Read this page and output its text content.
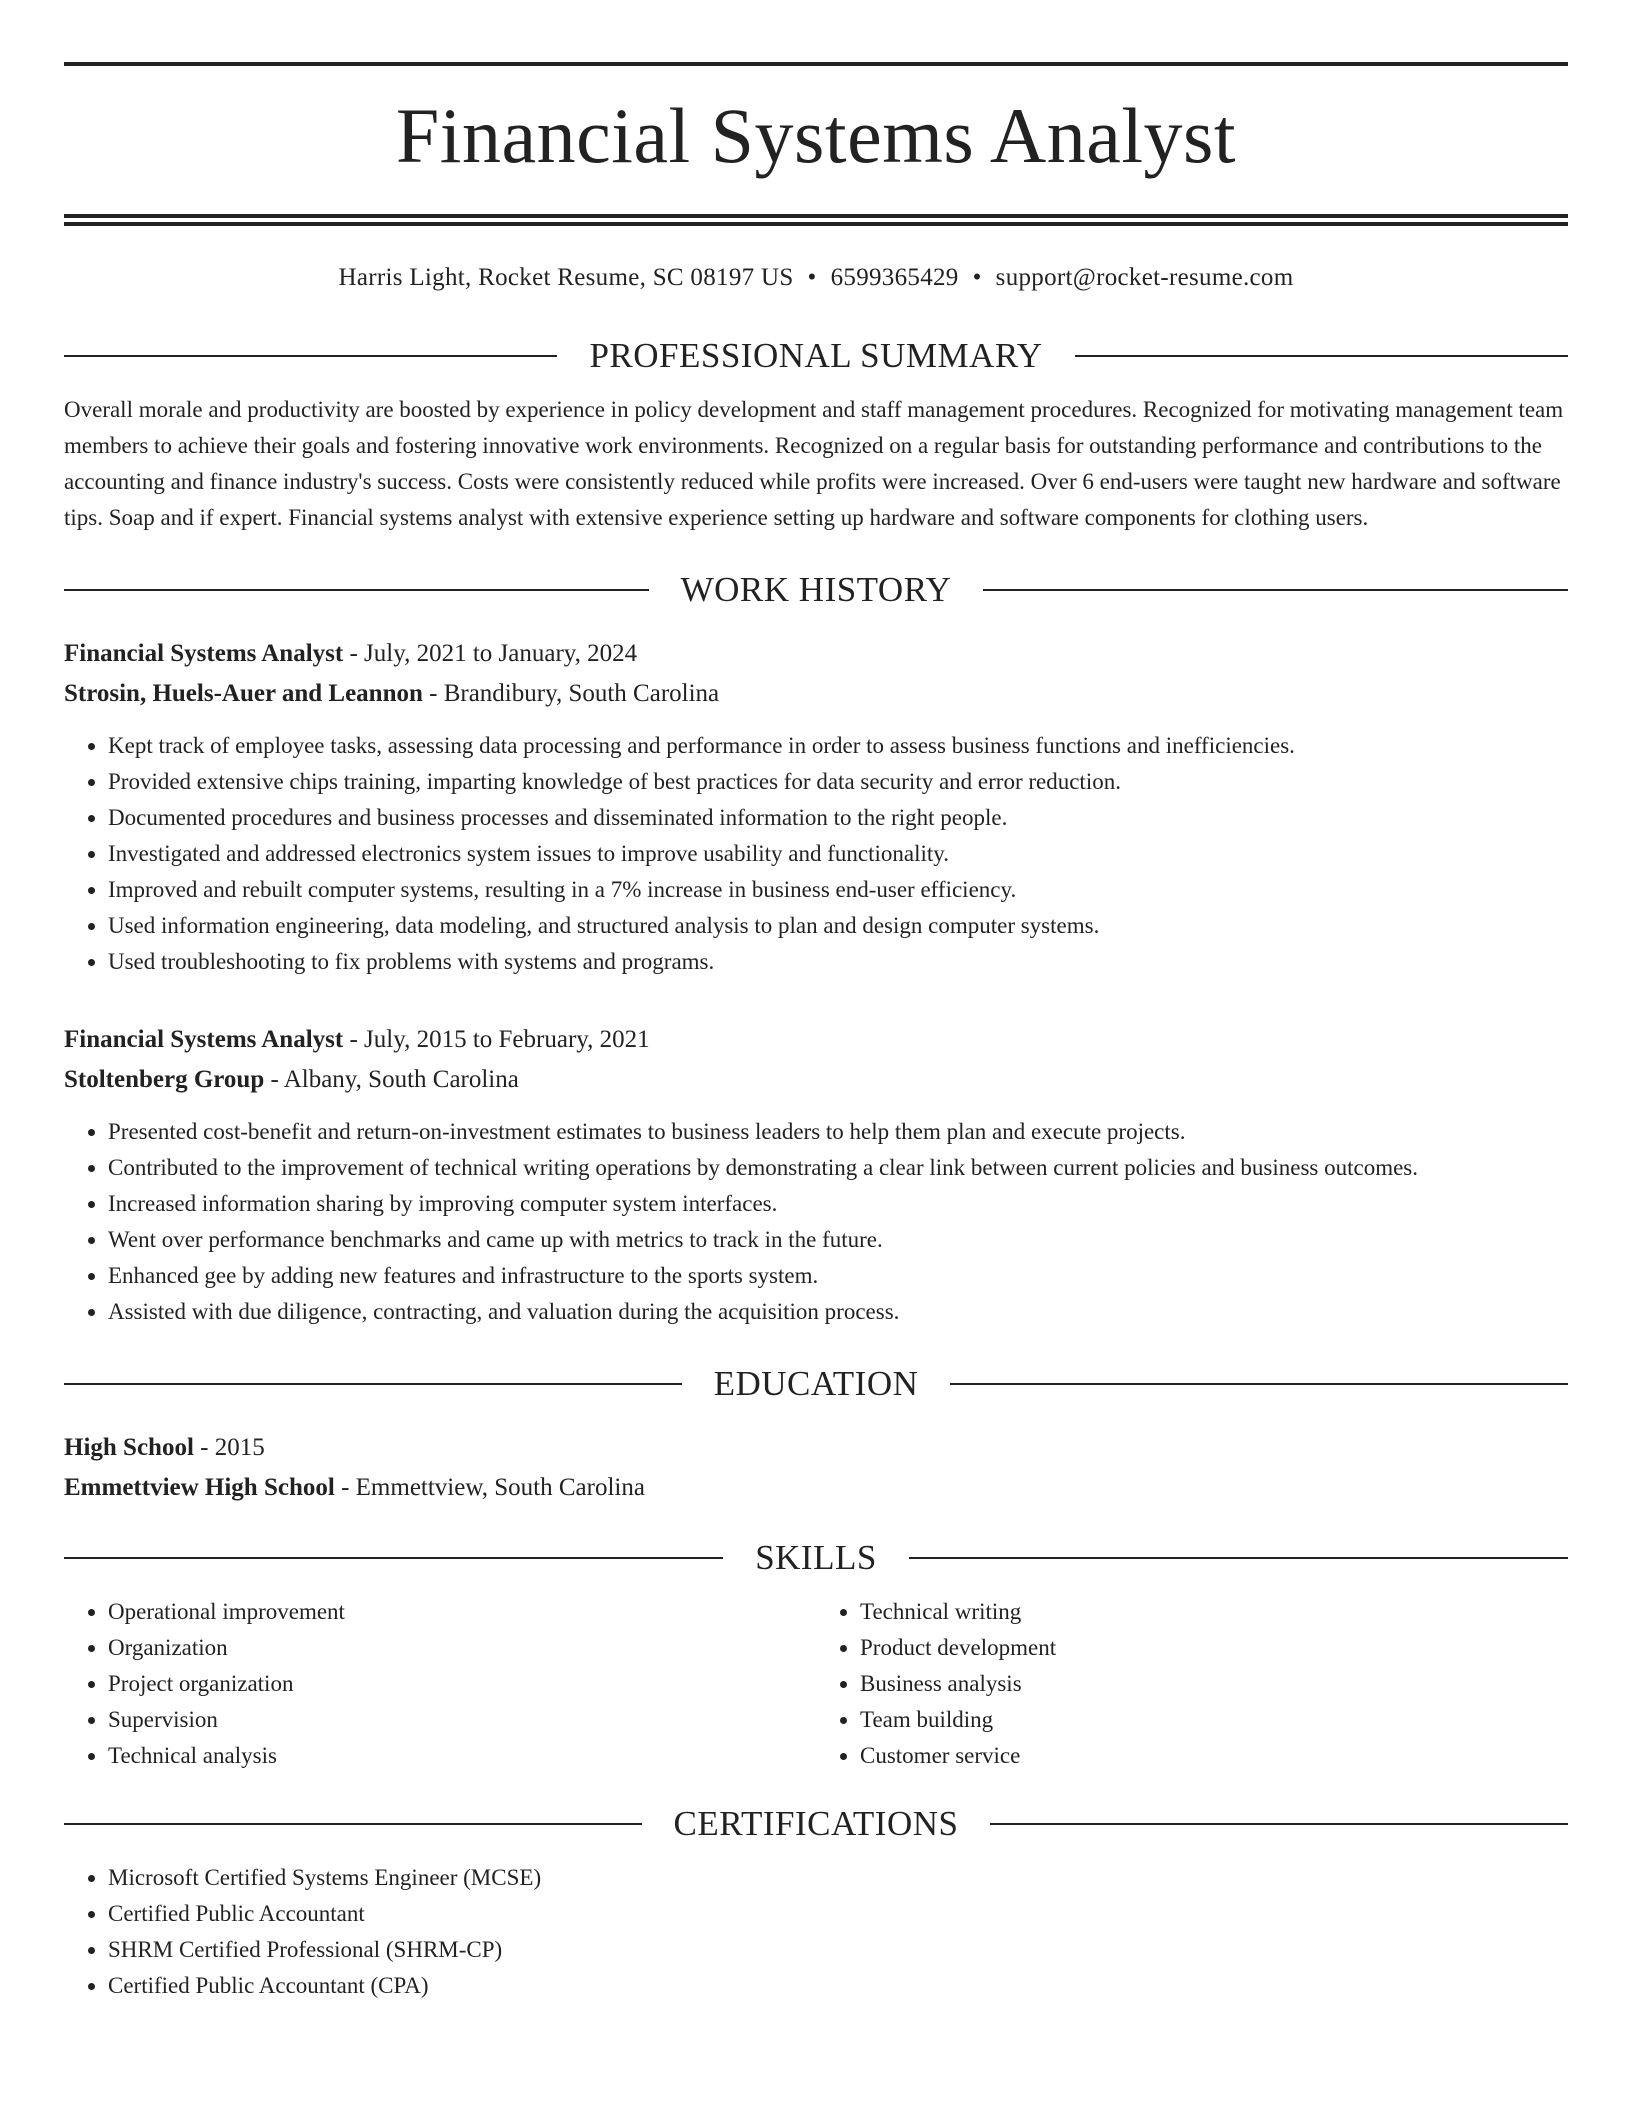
Financial Systems Analyst
Harris Light, Rocket Resume, SC 08197 US • 6599365429 • support@rocket-resume.com
PROFESSIONAL SUMMARY
Overall morale and productivity are boosted by experience in policy development and staff management procedures. Recognized for motivating management team members to achieve their goals and fostering innovative work environments. Recognized on a regular basis for outstanding performance and contributions to the accounting and finance industry's success. Costs were consistently reduced while profits were increased. Over 6 end-users were taught new hardware and software tips. Soap and if expert. Financial systems analyst with extensive experience setting up hardware and software components for clothing users.
WORK HISTORY
Financial Systems Analyst - July, 2021 to January, 2024
Strosin, Huels-Auer and Leannon - Brandibury, South Carolina
• Kept track of employee tasks, assessing data processing and performance in order to assess business functions and inefficiencies.
• Provided extensive chips training, imparting knowledge of best practices for data security and error reduction.
• Documented procedures and business processes and disseminated information to the right people.
• Investigated and addressed electronics system issues to improve usability and functionality.
• Improved and rebuilt computer systems, resulting in a 7% increase in business end-user efficiency.
• Used information engineering, data modeling, and structured analysis to plan and design computer systems.
• Used troubleshooting to fix problems with systems and programs.
Financial Systems Analyst - July, 2015 to February, 2021
Stoltenberg Group - Albany, South Carolina
• Presented cost-benefit and return-on-investment estimates to business leaders to help them plan and execute projects.
• Contributed to the improvement of technical writing operations by demonstrating a clear link between current policies and business outcomes.
• Increased information sharing by improving computer system interfaces.
• Went over performance benchmarks and came up with metrics to track in the future.
• Enhanced gee by adding new features and infrastructure to the sports system.
• Assisted with due diligence, contracting, and valuation during the acquisition process.
EDUCATION
High School - 2015
Emmettview High School - Emmettview, South Carolina
SKILLS
• Operational improvement
• Organization
• Project organization
• Supervision
• Technical analysis
• Technical writing
• Product development
• Business analysis
• Team building
• Customer service
CERTIFICATIONS
• Microsoft Certified Systems Engineer (MCSE)
• Certified Public Accountant
• SHRM Certified Professional (SHRM-CP)
• Certified Public Accountant (CPA)
